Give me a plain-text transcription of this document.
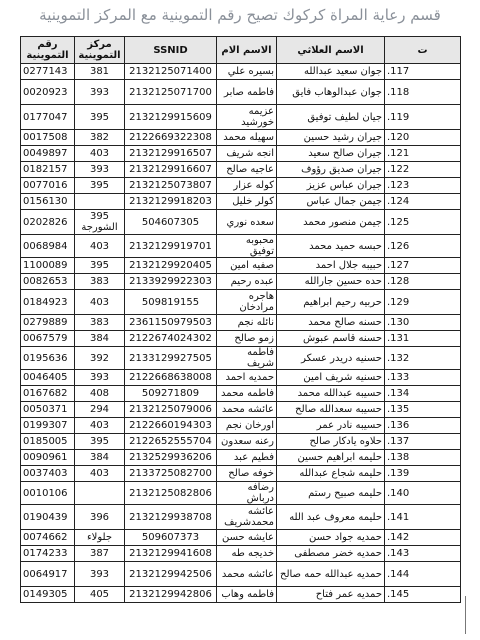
قسم رعاية المراة كركوك تصيح رقم التموينية مع المركز التموينية
رقم التموينية	مركز التموينية	SSNID	الاسم الام	الاسم العلاثي	ت
0277143	381	2132125071400	بسيره علي	جوان سعيد عبدالله	.117
0020923	393	2132125071700	فاطمه صابر	جوان عبدالوهاب فايق	.118
0177047	395	2132129915609	عزيمه خورشيد	جيان لطيف توفيق	.119
0017508	382	2122669322308	سهيله محمد	جيران رشيد حسين	.120
0049897	403	2132129916507	انجه شريف	جيران صالح سعيد	.121
0182157	393	2132129916607	عاجيه صالح	جيران صديق رؤوف	.122
0077016	395	2132125073807	كوله عزار	جيران عباس عزيز	.123
0156130		2132129918203	كولر خليل	جيمن جمال عباس	.124
0202826	395 الشورجة	504607305	سعده نوري	جيمن منصور محمد	.125
0068984	403	2132129919701	محبوبه توفيق	حبسه حميد محمد	.126
1100089	395	2132129920405	صفيه امين	حبيبه جلال احمد	.127
0082653	383	2133929922303	عبده رحيم	حده حسين جارالله	.128
0184923	403	509819155	هاجره مرادخان	حربيه رحيم ابراهيم	.129
0279889	383	2361150979503	نائله نجم	حسنه صالح محمد	.130
0067579	384	2122674024302	زمو صالح	حسنه قاسم عبوش	.131
0195636	392	2133129927505	فاطمه شريف	حسنيه دريدر عسكر	.132
0046405	393	2122668638008	حمديه احمد	حسنيه شريف امين	.133
0167682	408	509271809	فاطمه محمد	حسيبه عبدالله محمد	.134
0050371	294	2132125079006	عائشه محمد	حسيبه سعدالله صالح	.135
0199307	403	2122660194303	اورخان نجم	حسيبه نادر عمر	.136
0185005	395	2122652555704	رعنه سعدون	حلاوه يادكار صالح	.137
0090961	384	2132529936206	فطيم عبد	حليمه ابراهيم حسين	.138
0037403	403	2133725082700	خوفه صالح	حليمه شجاع عبدالله	.139
0010106		2132125082806	رضافه درباش	حليمه صبيح رستم	.140
0190439	396	2132129938708	عائشه محمدشريف	حليمه معروف عبد الله	.141
0074662	جلولاء	509607373	عايشه حسن	حمديه جواد حسن	.142
0174233	387	2132129941608	خديجه طه	حمديه خضر مصطفى	.143
0064917	393	2132129942506	عائشه محمد	حمديه عبدالله حمه صالح	.144
0149305	405	2132129942806	فاطمه وهاب	حمديه عمر فتاح	.145
